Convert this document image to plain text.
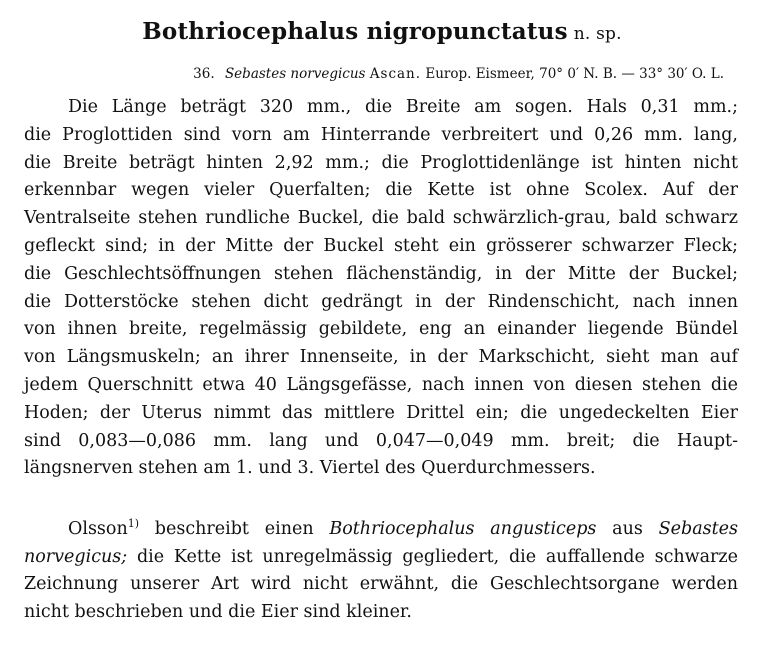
Bothriocephalus nigropunctatus n. sp.
36. Sebastes norvegicus Ascan. Europ. Eismeer, 70° 0′ N. B. — 33° 30′ O. L.
Die Länge beträgt 320 mm., die Breite am sogen. Hals 0,31 mm.;
die Proglottiden sind vorn am Hinterrande verbreitert und 0,26 mm. lang,
die Breite beträgt hinten 2,92 mm.; die Proglottidenlänge ist hinten nicht
erkennbar wegen vieler Querfalten; die Kette ist ohne Scolex. Auf der
Ventralseite stehen rundliche Buckel, die bald schwärzlich-grau, bald schwarz
gefleckt sind; in der Mitte der Buckel steht ein grösserer schwarzer Fleck;
die Geschlechtsöffnungen stehen flächenständig, in der Mitte der Buckel;
die Dotterstöcke stehen dicht gedrängt in der Rindenschicht, nach innen
von ihnen breite, regelmässig gebildete, eng an einander liegende Bündel
von Längsmuskeln; an ihrer Innenseite, in der Markschicht, sieht man auf
jedem Querschnitt etwa 40 Längsgefässe, nach innen von diesen stehen die
Hoden; der Uterus nimmt das mittlere Drittel ein; die ungedeckelten Eier
sind 0,083—0,086 mm. lang und 0,047—0,049 mm. breit; die Haupt-
längsnerven stehen am 1. und 3. Viertel des Querdurchmessers.
Olsson$^{1)}$ beschreibt einen Bothriocephalus angusticeps aus Sebastes
norvegicus; die Kette ist unregelmässig gegliedert, die auffallende schwarze
Zeichnung unserer Art wird nicht erwähnt, die Geschlechtsorgane werden
nicht beschrieben und die Eier sind kleiner.
